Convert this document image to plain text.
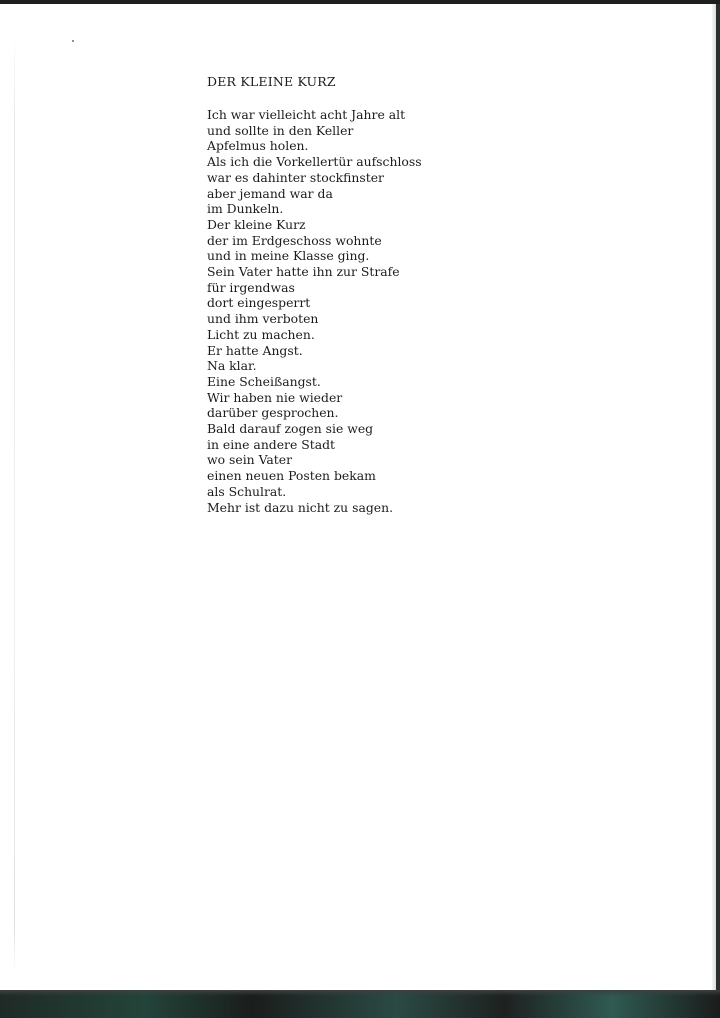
DER KLEINE KURZ
Ich war vielleicht acht Jahre alt
und sollte in den Keller
Apfelmus holen.
Als ich die Vorkellertür aufschloss
war es dahinter stockfinster
aber jemand war da
im Dunkeln.
Der kleine Kurz
der im Erdgeschoss wohnte
und in meine Klasse ging.
Sein Vater hatte ihn zur Strafe
für irgendwas
dort eingesperrt
und ihm verboten
Licht zu machen.
Er hatte Angst.
Na klar.
Eine Scheißangst.
Wir haben nie wieder
darüber gesprochen.
Bald darauf zogen sie weg
in eine andere Stadt
wo sein Vater
einen neuen Posten bekam
als Schulrat.
Mehr ist dazu nicht zu sagen.
